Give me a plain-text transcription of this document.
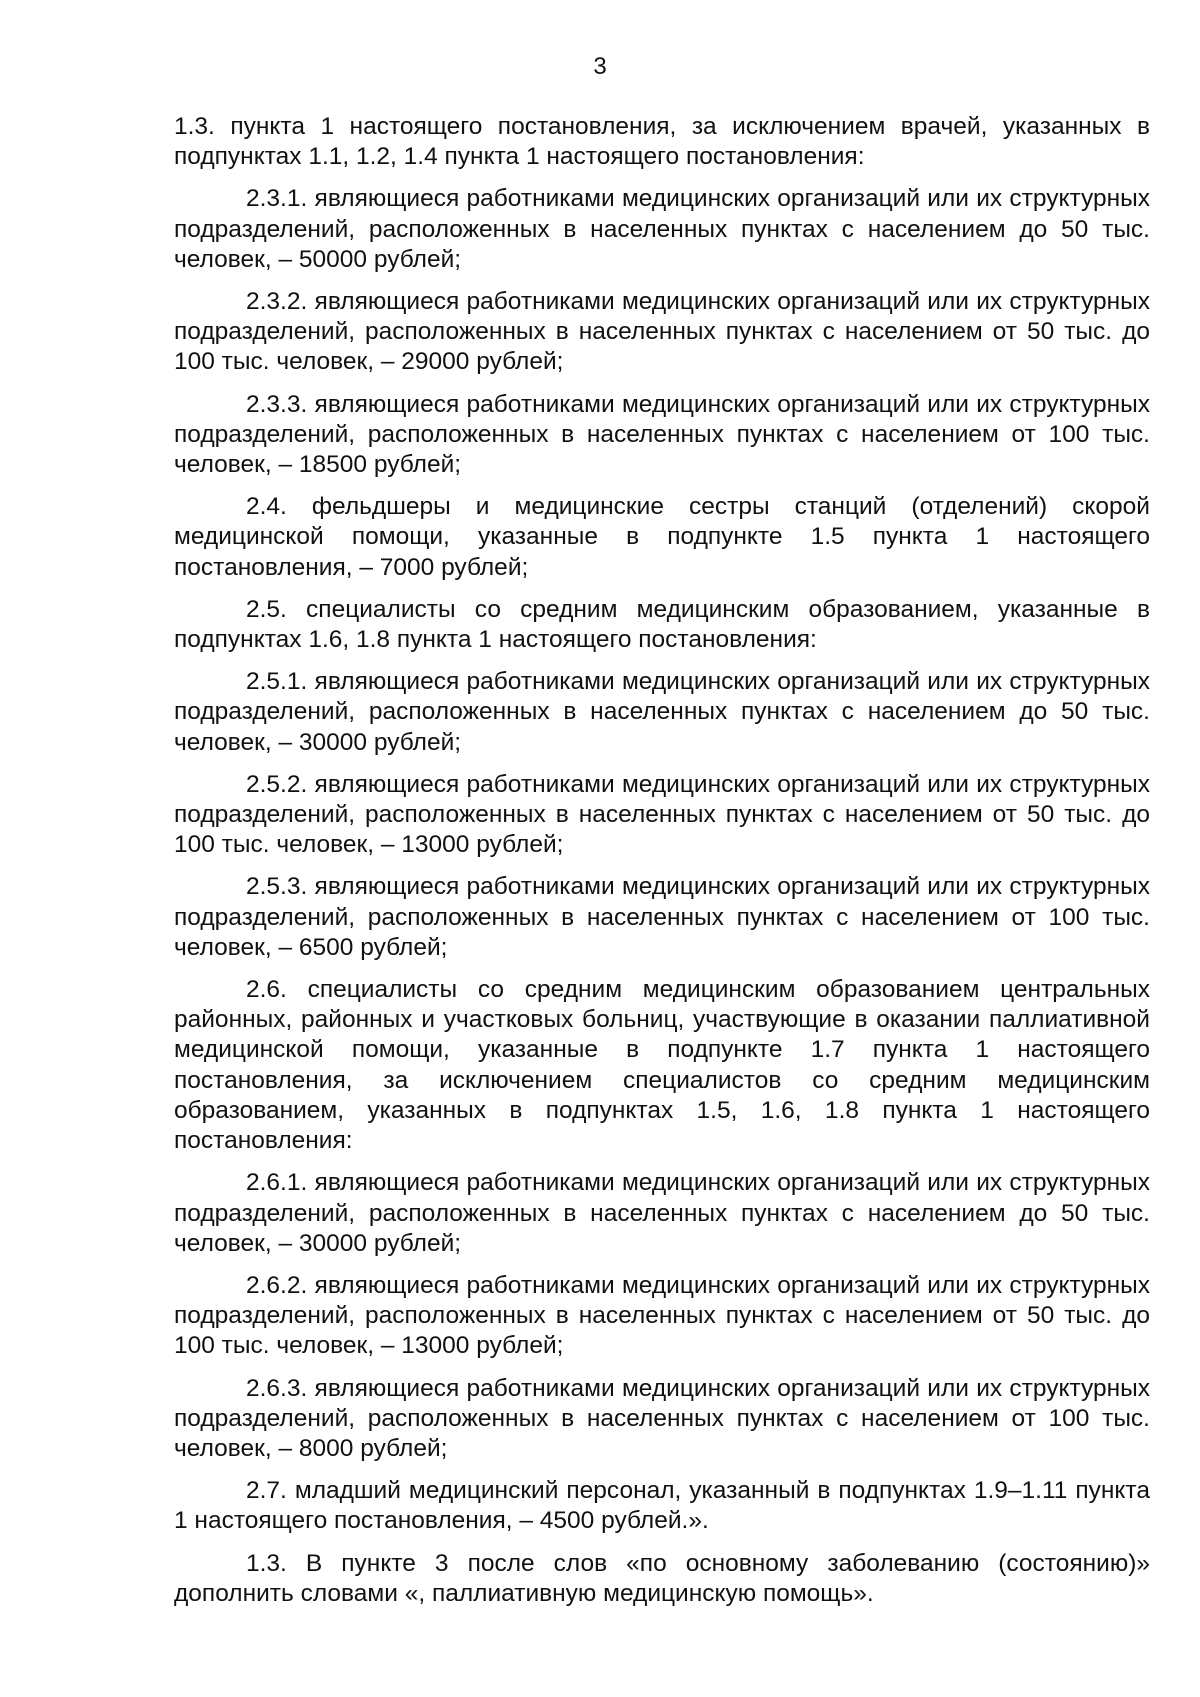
3

1.3. пункта 1 настоящего постановления, за исключением врачей, указанных в подпунктах 1.1, 1.2, 1.4 пункта 1 настоящего постановления:

2.3.1. являющиеся работниками медицинских организаций или их структурных подразделений, расположенных в населенных пунктах с населением до 50 тыс. человек, – 50000 рублей;

2.3.2. являющиеся работниками медицинских организаций или их структурных подразделений, расположенных в населенных пунктах с населением от 50 тыс. до 100 тыс. человек, – 29000 рублей;

2.3.3. являющиеся работниками медицинских организаций или их структурных подразделений, расположенных в населенных пунктах с населением от 100 тыс. человек, – 18500 рублей;

2.4. фельдшеры и медицинские сестры станций (отделений) скорой медицинской помощи, указанные в подпункте 1.5 пункта 1 настоящего постановления, – 7000 рублей;

2.5. специалисты со средним медицинским образованием, указанные в подпунктах 1.6, 1.8 пункта 1 настоящего постановления:

2.5.1. являющиеся работниками медицинских организаций или их структурных подразделений, расположенных в населенных пунктах с населением до 50 тыс. человек, – 30000 рублей;

2.5.2. являющиеся работниками медицинских организаций или их структурных подразделений, расположенных в населенных пунктах с населением от 50 тыс. до 100 тыс. человек, – 13000 рублей;

2.5.3. являющиеся работниками медицинских организаций или их структурных подразделений, расположенных в населенных пунктах с населением от 100 тыс. человек, – 6500 рублей;

2.6. специалисты со средним медицинским образованием центральных районных, районных и участковых больниц, участвующие в оказании паллиативной медицинской помощи, указанные в подпункте 1.7 пункта 1 настоящего постановления, за исключением специалистов со средним медицинским образованием, указанных в подпунктах 1.5, 1.6, 1.8 пункта 1 настоящего постановления:

2.6.1. являющиеся работниками медицинских организаций или их структурных подразделений, расположенных в населенных пунктах с населением до 50 тыс. человек, – 30000 рублей;

2.6.2. являющиеся работниками медицинских организаций или их структурных подразделений, расположенных в населенных пунктах с населением от 50 тыс. до 100 тыс. человек, – 13000 рублей;

2.6.3. являющиеся работниками медицинских организаций или их структурных подразделений, расположенных в населенных пунктах с населением от 100 тыс. человек, – 8000 рублей;

2.7. младший медицинский персонал, указанный в подпунктах 1.9–1.11 пункта 1 настоящего постановления, – 4500 рублей.».

1.3. В пункте 3 после слов «по основному заболеванию (состоянию)» дополнить словами «, паллиативную медицинскую помощь».
